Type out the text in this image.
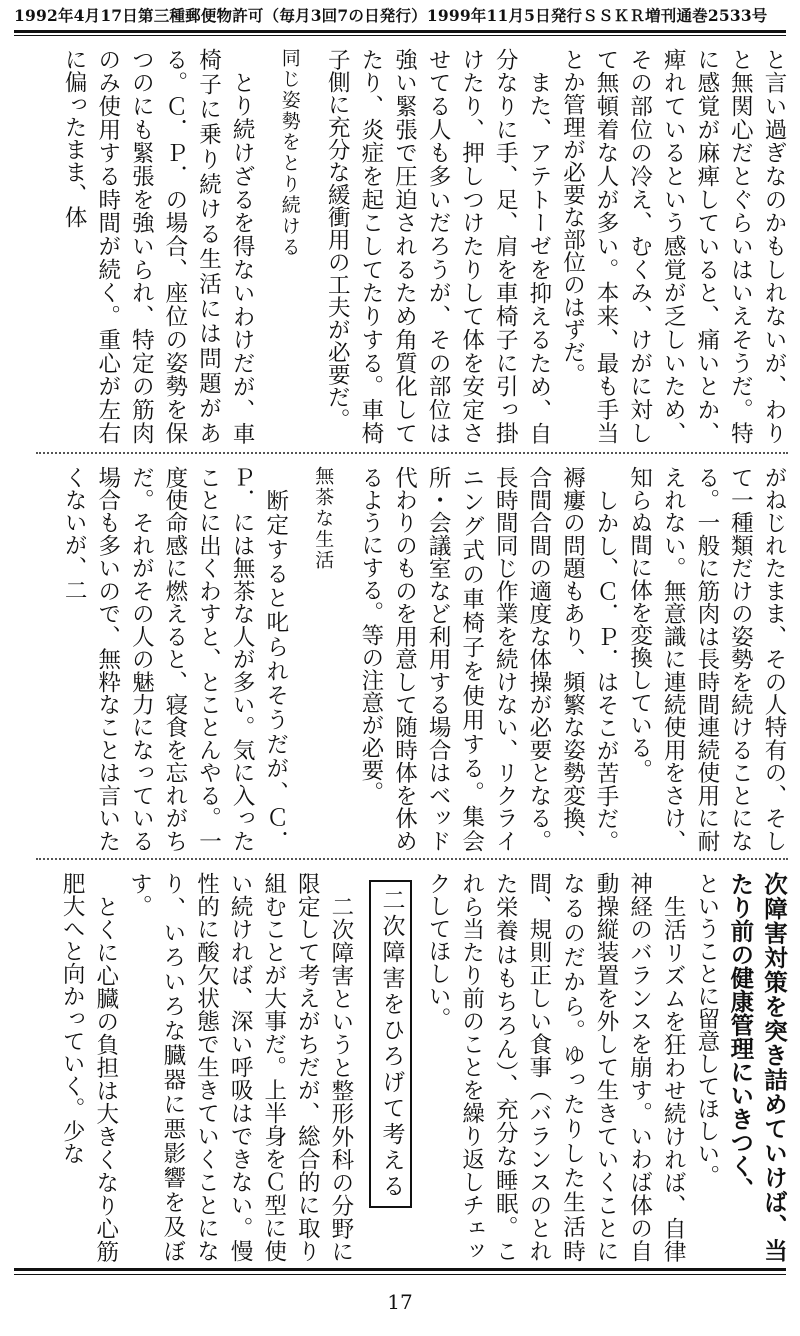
1992年4月17日第三種郵便物許可（毎月3回7の日発行）1999年11月5日発行ＳＳＫＲ増刊通巻2533号

と言い過ぎなのかもしれないが、わりと無関心だとぐらいはいえそうだ。特に感覚が麻痺していると、痛いとか、痺れているという感覚が乏しいため、その部位の冷え、むくみ、けがに対して無頓着な人が多い。本来、最も手当とか管理が必要な部位のはずだ。

また、アテトーゼを抑えるため、自分なりに手、足、肩を車椅子に引っ掛けたり、押しつけたりして体を安定させてる人も多いだろうが、その部位は強い緊張で圧迫されるため角質化してたり、炎症を起こしてたりする。車椅子側に充分な緩衝用の工夫が必要だ。

同じ姿勢をとり続ける

とり続けざるを得ないわけだが、車椅子に乗り続ける生活には問題がある。Ｃ．Ｐ．の場合、座位の姿勢を保つのにも緊張を強いられ、特定の筋肉のみ使用する時間が続く。重心が左右に偏ったまま、体

がねじれたまま、その人特有の、そして一種類だけの姿勢を続けることになる。一般に筋肉は長時間連続使用に耐えれない。無意識に連続使用をさけ、知らぬ間に体を変換している。

しかし、Ｃ．Ｐ．はそこが苦手だ。褥瘻の問題もあり、頻繁な姿勢変換、合間合間の適度な体操が必要となる。長時間同じ作業を続けない、リクライニング式の車椅子を使用する。集会所・会議室など利用する場合はベッド代わりのものを用意して随時体を休めるようにする。等の注意が必要。

無茶な生活

断定すると叱られそうだが、Ｃ．Ｐ．には無茶な人が多い。気に入ったことに出くわすと、とことんやる。一度使命感に燃えると、寝食を忘れがちだ。それがその人の魅力になっている場合も多いので、無粋なことは言いたくないが、二

次障害対策を突き詰めていけば、当たり前の健康管理にいきつく、

ということに留意してほしい。

生活リズムを狂わせ続ければ、自律神経のバランスを崩す。いわば体の自動操縦装置を外して生きていくことになるのだから。ゆったりした生活時間、規則正しい食事（バランスのとれた栄養はもちろん）、充分な睡眠。これら当たり前のことを繰り返しチェックしてほしい。

二次障害をひろげて考える

二次障害というと整形外科の分野に限定して考えがちだが、総合的に取り組むことが大事だ。上半身をＣ型に使い続ければ、深い呼吸はできない。慢性的に酸欠状態で生きていくことになり、いろいろな臓器に悪影響を及ぼす。

とくに心臓の負担は大きくなり心筋肥大へと向かっていく。少な

17
